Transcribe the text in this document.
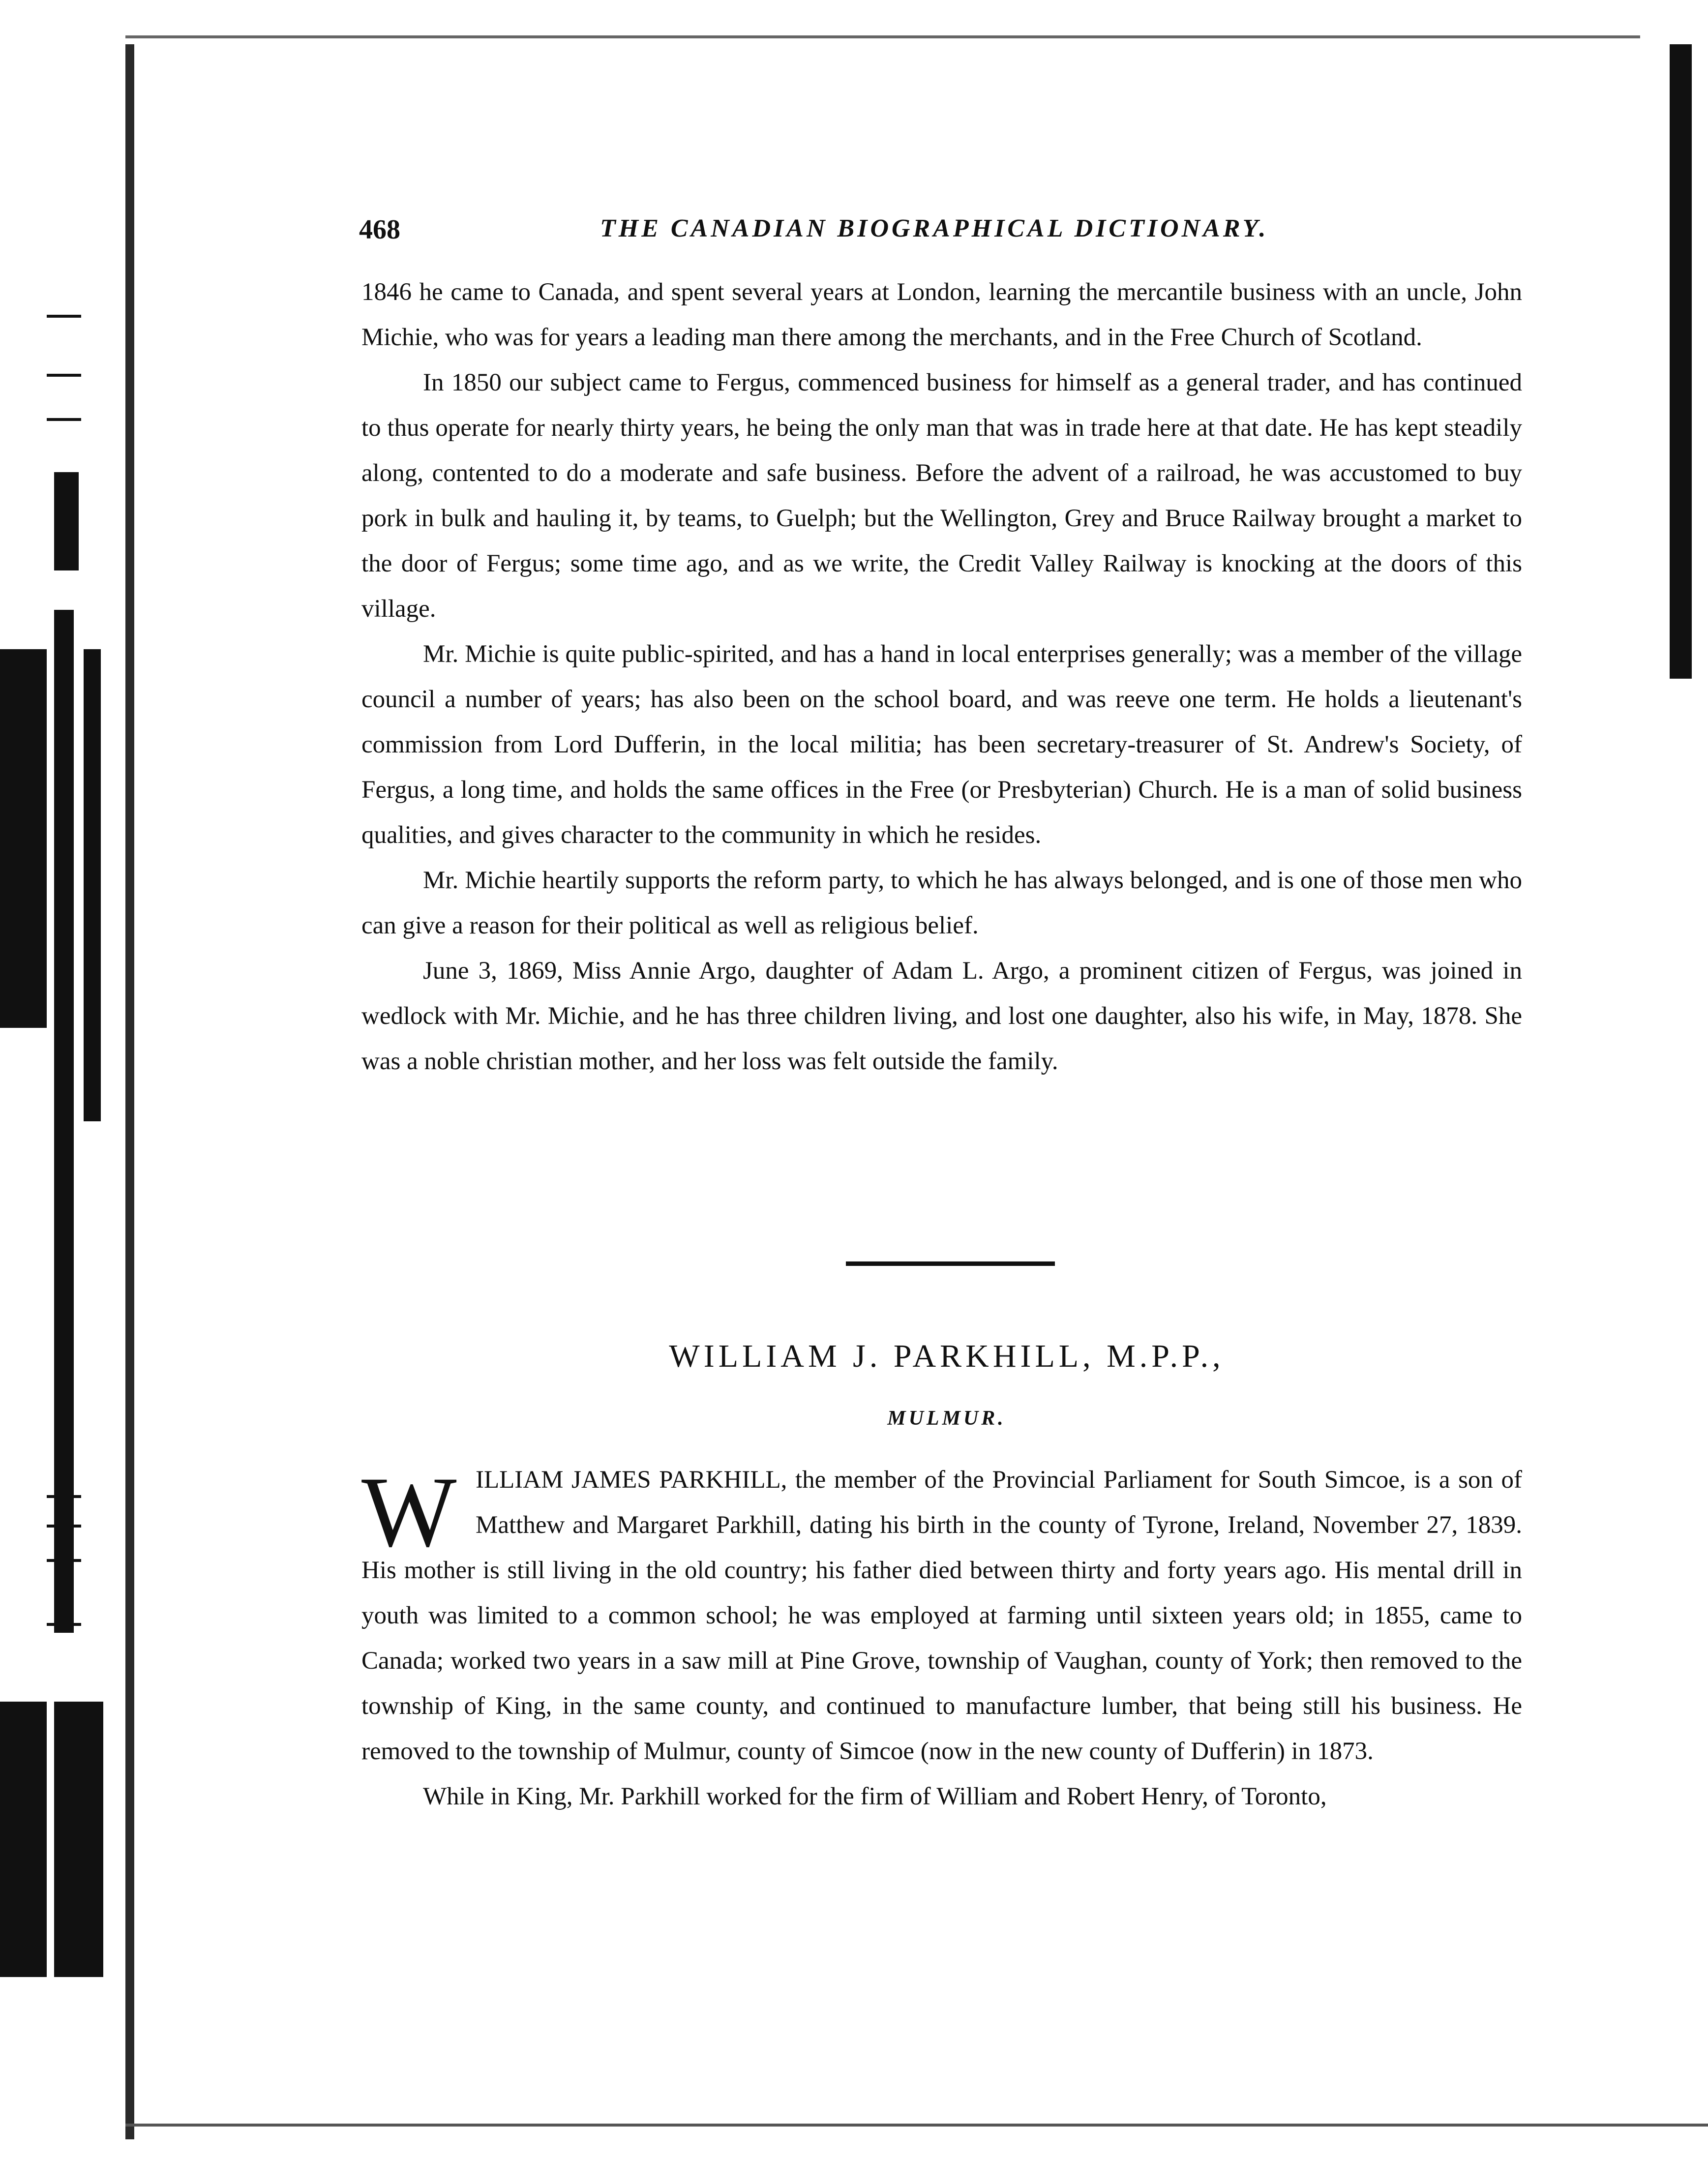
468	THE CANADIAN BIOGRAPHICAL DICTIONARY.

1846 he came to Canada, and spent several years at London, learning the mercantile business with an uncle, John Michie, who was for years a leading man there among the merchants, and in the Free Church of Scotland.

In 1850 our subject came to Fergus, commenced business for himself as a general trader, and has continued to thus operate for nearly thirty years, he being the only man that was in trade here at that date. He has kept steadily along, contented to do a moderate and safe business. Before the advent of a railroad, he was accustomed to buy pork in bulk and hauling it, by teams, to Guelph; but the Wellington, Grey and Bruce Railway brought a market to the door of Fergus; some time ago, and as we write, the Credit Valley Railway is knocking at the doors of this village.

Mr. Michie is quite public-spirited, and has a hand in local enterprises generally; was a member of the village council a number of years; has also been on the school board, and was reeve one term. He holds a lieutenant's commission from Lord Dufferin, in the local militia; has been secretary-treasurer of St. Andrew's Society, of Fergus, a long time, and holds the same offices in the Free (or Presbyterian) Church. He is a man of solid business qualities, and gives character to the community in which he resides.

Mr. Michie heartily supports the reform party, to which he has always belonged, and is one of those men who can give a reason for their political as well as religious belief.

June 3, 1869, Miss Annie Argo, daughter of Adam L. Argo, a prominent citizen of Fergus, was joined in wedlock with Mr. Michie, and he has three children living, and lost one daughter, also his wife, in May, 1878. She was a noble christian mother, and her loss was felt outside the family.

WILLIAM J. PARKHILL, M.P.P.,
MULMUR.

ILLIAM JAMES PARKHILL, the member of the Provincial Parliament for South Simcoe, is a son of Matthew and Margaret Parkhill, dating his birth in the county of Tyrone, Ireland, November 27, 1839. His mother is still living in the old country; his father died between thirty and forty years ago. His mental drill in youth was limited to a common school; he was employed at farming until sixteen years old; in 1855, came to Canada; worked two years in a saw mill at Pine Grove, township of Vaughan, county of York; then removed to the township of King, in the same county, and continued to manufacture lumber, that being still his business. He removed to the township of Mulmur, county of Simcoe (now in the new county of Dufferin) in 1873.

While in King, Mr. Parkhill worked for the firm of William and Robert Henry, of Toronto,

W
